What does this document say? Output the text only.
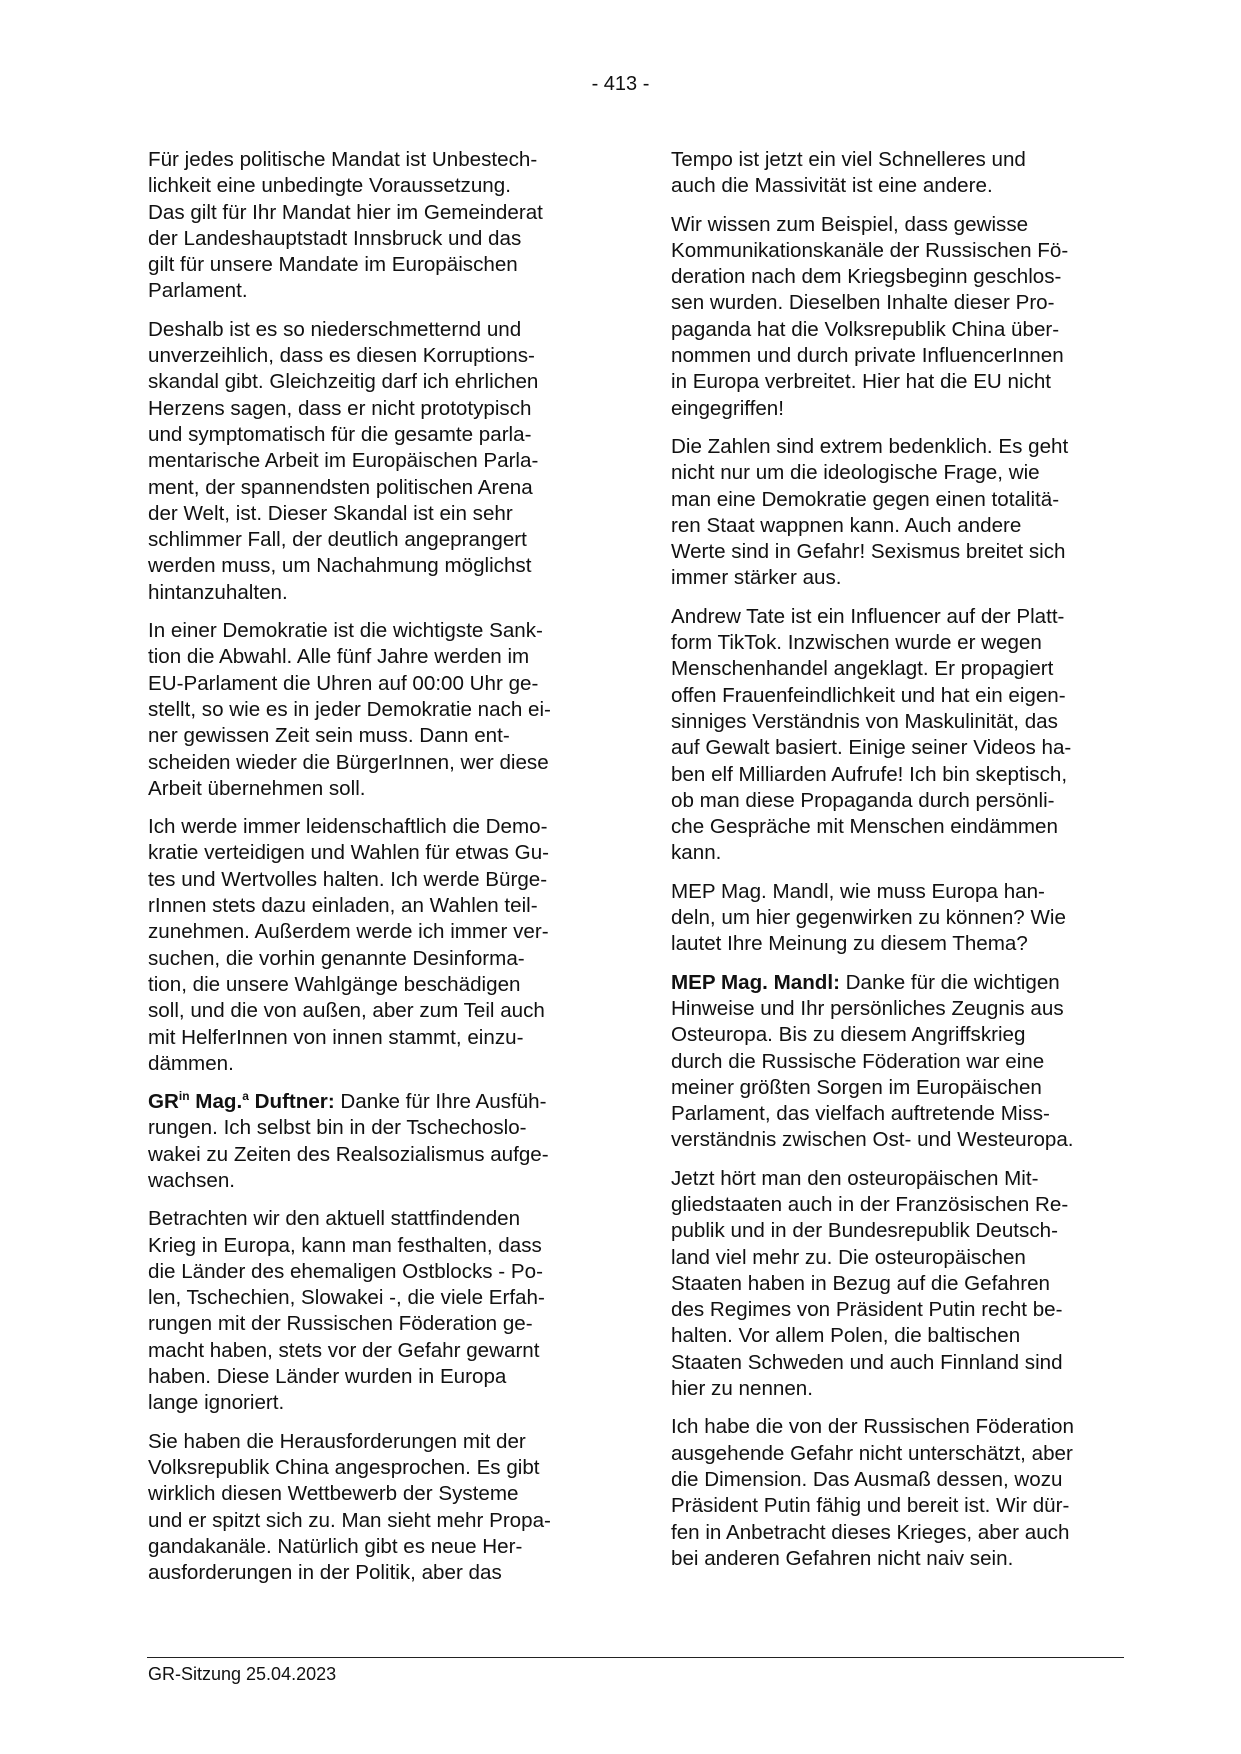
- 413 -

Für jedes politische Mandat ist Unbestech-
lichkeit eine unbedingte Voraussetzung.
Das gilt für Ihr Mandat hier im Gemeinderat
der Landeshauptstadt Innsbruck und das
gilt für unsere Mandate im Europäischen
Parlament.

Deshalb ist es so niederschmetternd und
unverzeihlich, dass es diesen Korruptions-
skandal gibt. Gleichzeitig darf ich ehrlichen
Herzens sagen, dass er nicht prototypisch
und symptomatisch für die gesamte parla-
mentarische Arbeit im Europäischen Parla-
ment, der spannendsten politischen Arena
der Welt, ist. Dieser Skandal ist ein sehr
schlimmer Fall, der deutlich angeprangert
werden muss, um Nachahmung möglichst
hintanzuhalten.

In einer Demokratie ist die wichtigste Sank-
tion die Abwahl. Alle fünf Jahre werden im
EU-Parlament die Uhren auf 00:00 Uhr ge-
stellt, so wie es in jeder Demokratie nach ei-
ner gewissen Zeit sein muss. Dann ent-
scheiden wieder die BürgerInnen, wer diese
Arbeit übernehmen soll.

Ich werde immer leidenschaftlich die Demo-
kratie verteidigen und Wahlen für etwas Gu-
tes und Wertvolles halten. Ich werde Bürge-
rInnen stets dazu einladen, an Wahlen teil-
zunehmen. Außerdem werde ich immer ver-
suchen, die vorhin genannte Desinforma-
tion, die unsere Wahlgänge beschädigen
soll, und die von außen, aber zum Teil auch
mit HelferInnen von innen stammt, einzu-
dämmen.

$GR^{in}$ Mag.$^a$ Duftner: Danke für Ihre Ausfüh-
rungen. Ich selbst bin in der Tschechoslo-
wakei zu Zeiten des Realsozialismus aufge-
wachsen.

Betrachten wir den aktuell stattfindenden
Krieg in Europa, kann man festhalten, dass
die Länder des ehemaligen Ostblocks - Po-
len, Tschechien, Slowakei -, die viele Erfah-
rungen mit der Russischen Föderation ge-
macht haben, stets vor der Gefahr gewarnt
haben. Diese Länder wurden in Europa
lange ignoriert.

Sie haben die Herausforderungen mit der
Volksrepublik China angesprochen. Es gibt
wirklich diesen Wettbewerb der Systeme
und er spitzt sich zu. Man sieht mehr Propa-
gandakanäle. Natürlich gibt es neue Her-
ausforderungen in der Politik, aber das

Tempo ist jetzt ein viel Schnelleres und
auch die Massivität ist eine andere.

Wir wissen zum Beispiel, dass gewisse
Kommunikationskanäle der Russischen Fö-
deration nach dem Kriegsbeginn geschlos-
sen wurden. Dieselben Inhalte dieser Pro-
paganda hat die Volksrepublik China über-
nommen und durch private InfluencerInnen
in Europa verbreitet. Hier hat die EU nicht
eingegriffen!

Die Zahlen sind extrem bedenklich. Es geht
nicht nur um die ideologische Frage, wie
man eine Demokratie gegen einen totalitä-
ren Staat wappnen kann. Auch andere
Werte sind in Gefahr! Sexismus breitet sich
immer stärker aus.

Andrew Tate ist ein Influencer auf der Platt-
form TikTok. Inzwischen wurde er wegen
Menschenhandel angeklagt. Er propagiert
offen Frauenfeindlichkeit und hat ein eigen-
sinniges Verständnis von Maskulinität, das
auf Gewalt basiert. Einige seiner Videos ha-
ben elf Milliarden Aufrufe! Ich bin skeptisch,
ob man diese Propaganda durch persönli-
che Gespräche mit Menschen eindämmen
kann.

MEP Mag. Mandl, wie muss Europa han-
deln, um hier gegenwirken zu können? Wie
lautet Ihre Meinung zu diesem Thema?

MEP Mag. Mandl: Danke für die wichtigen
Hinweise und Ihr persönliches Zeugnis aus
Osteuropa. Bis zu diesem Angriffskrieg
durch die Russische Föderation war eine
meiner größten Sorgen im Europäischen
Parlament, das vielfach auftretende Miss-
verständnis zwischen Ost- und Westeuropa.

Jetzt hört man den osteuropäischen Mit-
gliedstaaten auch in der Französischen Re-
publik und in der Bundesrepublik Deutsch-
land viel mehr zu. Die osteuropäischen
Staaten haben in Bezug auf die Gefahren
des Regimes von Präsident Putin recht be-
halten. Vor allem Polen, die baltischen
Staaten Schweden und auch Finnland sind
hier zu nennen.

Ich habe die von der Russischen Föderation
ausgehende Gefahr nicht unterschätzt, aber
die Dimension. Das Ausmaß dessen, wozu
Präsident Putin fähig und bereit ist. Wir dür-
fen in Anbetracht dieses Krieges, aber auch
bei anderen Gefahren nicht naiv sein.

GR-Sitzung 25.04.2023
